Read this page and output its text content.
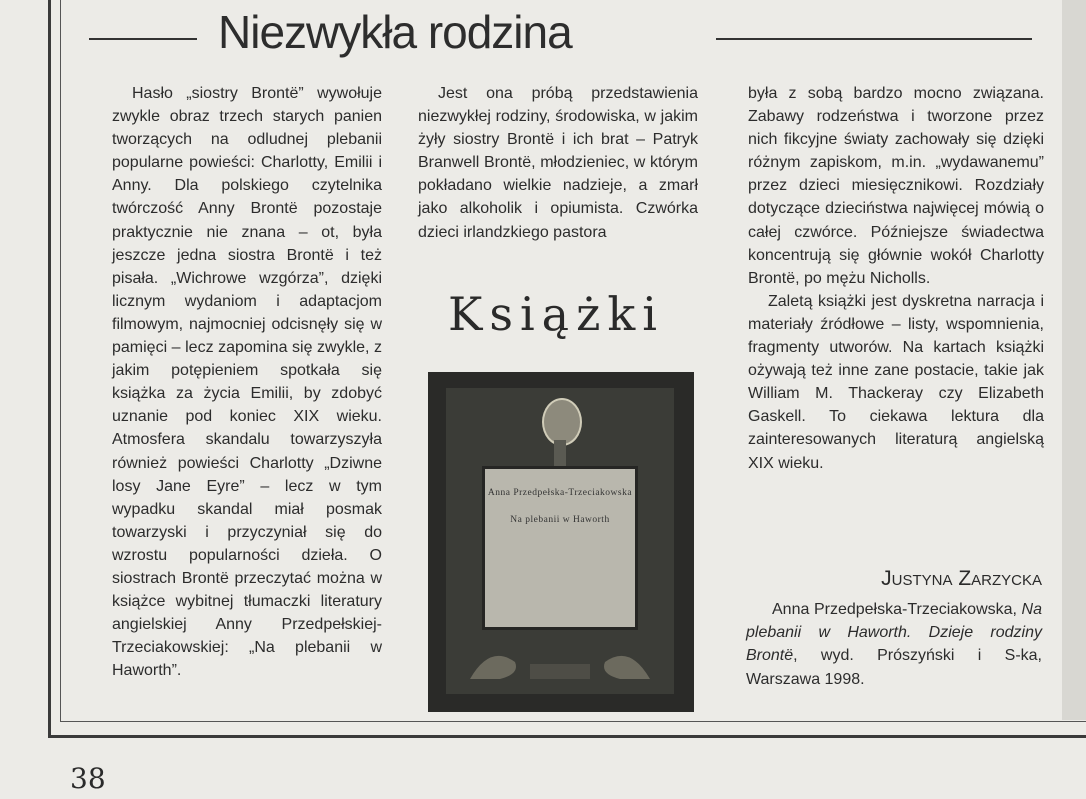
Niezwykła rodzina

Hasło „siostry Brontë” wywołuje zwykle obraz trzech starych panien tworzących na odludnej plebanii popularne powieści: Charlotty, Emilii i Anny. Dla polskiego czytelnika twórczość Anny Brontë pozostaje praktycznie nie znana – ot, była jeszcze jedna siostra Brontë i też pisała. „Wichrowe wzgórza”, dzięki licznym wydaniom i adaptacjom filmowym, najmocniej odcisnęły się w pamięci – lecz zapomina się zwykle, z jakim potępieniem spotkała się książka za życia Emilii, by zdobyć uznanie pod koniec XIX wieku. Atmosfera skandalu towarzyszyła również powieści Charlotty „Dziwne losy Jane Eyre” – lecz w tym wypadku skandal miał posmak towarzyski i przyczyniał się do wzrostu popularności dzieła. O siostrach Brontë przeczytać można w książce wybitnej tłumaczki literatury angielskiej Anny Przedpełskiej-Trzeciakowskiej: „Na plebanii w Haworth”.

Jest ona próbą przedstawienia niezwykłej rodziny, środowiska, w jakim żyły siostry Brontë i ich brat – Patryk Branwell Brontë, młodzieniec, w którym pokładano wielkie nadzieje, a zmarł jako alkoholik i opiumista. Czwórka dzieci irlandzkiego pastora

Książki
Anna Przedpełska-Trzeciakowska
Na plebanii w Haworth

była z sobą bardzo mocno związana. Zabawy rodzeństwa i tworzone przez nich fikcyjne światy zachowały się dzięki różnym zapiskom, m.in. „wydawanemu” przez dzieci miesięcznikowi. Rozdziały dotyczące dzieciństwa najwięcej mówią o całej czwórce. Późniejsze świadectwa koncentrują się głównie wokół Charlotty Brontë, po mężu Nicholls.

Zaletą książki jest dyskretna narracja i materiały źródłowe – listy, wspomnienia, fragmenty utworów. Na kartach książki ożywają też inne zane postacie, takie jak William M. Thackeray czy Elizabeth Gaskell. To ciekawa lektura dla zainteresowanych literaturą angielską XIX wieku.

Justyna Zarzycka

Anna Przedpełska-Trzeciakowska, Na plebanii w Haworth. Dzieje rodziny Brontë, wyd. Prószyński i S-ka, Warszawa 1998.

38
